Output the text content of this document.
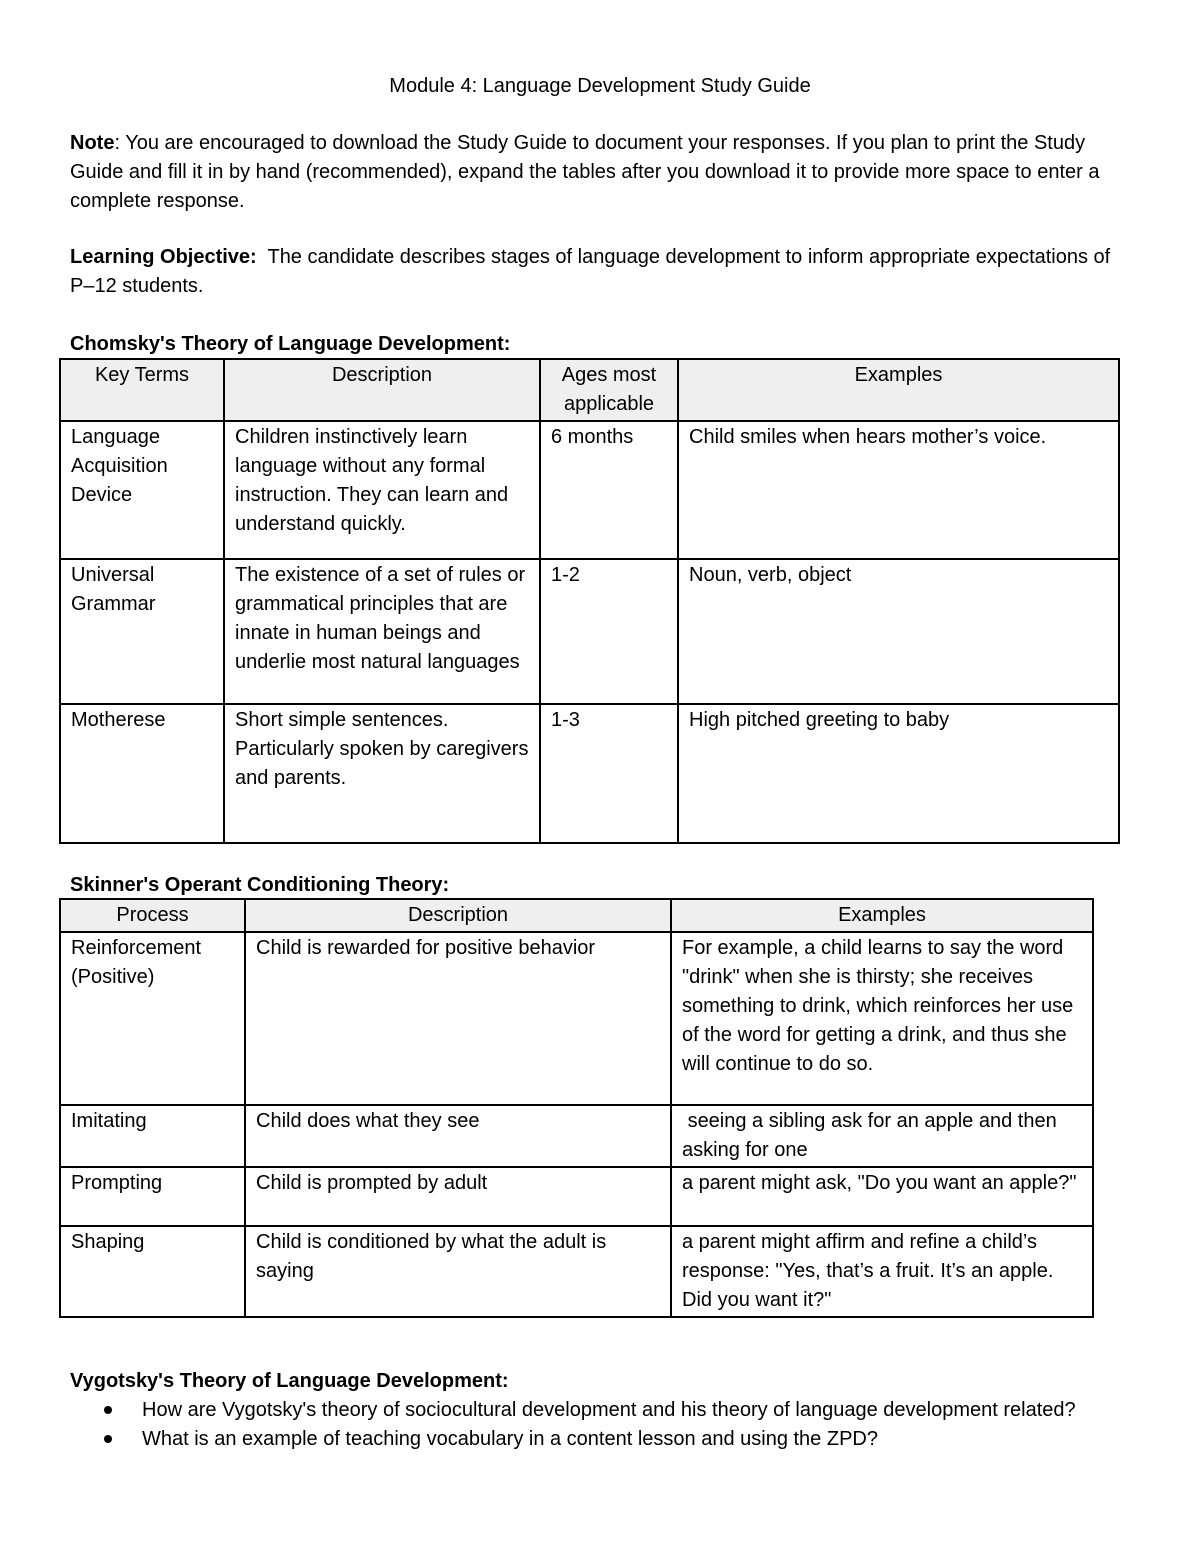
Module 4: Language Development Study Guide

Note: You are encouraged to download the Study Guide to document your responses. If you plan to print the Study Guide and fill it in by hand (recommended), expand the tables after you download it to provide more space to enter a complete response.

Learning Objective:  The candidate describes stages of language development to inform appropriate expectations of P–12 students.

Chomsky's Theory of Language Development:
Key Terms	Description	Ages most applicable	Examples
Language Acquisition Device	Children instinctively learn language without any formal instruction. They can learn and understand quickly.	6 months	Child smiles when hears mother’s voice.
Universal Grammar	The existence of a set of rules or grammatical principles that are innate in human beings and underlie most natural languages	1-2	Noun, verb, object
Motherese	Short simple sentences. Particularly spoken by caregivers and parents.	1-3	High pitched greeting to baby
Skinner's Operant Conditioning Theory:
Process	Description	Examples
Reinforcement (Positive)	Child is rewarded for positive behavior	For example, a child learns to say the word "drink" when she is thirsty; she receives something to drink, which reinforces her use of the word for getting a drink, and thus she will continue to do so.
Imitating	Child does what they see	seeing a sibling ask for an apple and then asking for one
Prompting	Child is prompted by adult	a parent might ask, "Do you want an apple?"
Shaping	Child is conditioned by what the adult is saying	a parent might affirm and refine a child’s response: "Yes, that’s a fruit. It’s an apple. Did you want it?"
Vygotsky's Theory of Language Development:
How are Vygotsky's theory of sociocultural development and his theory of language development related?
What is an example of teaching vocabulary in a content lesson and using the ZPD?
